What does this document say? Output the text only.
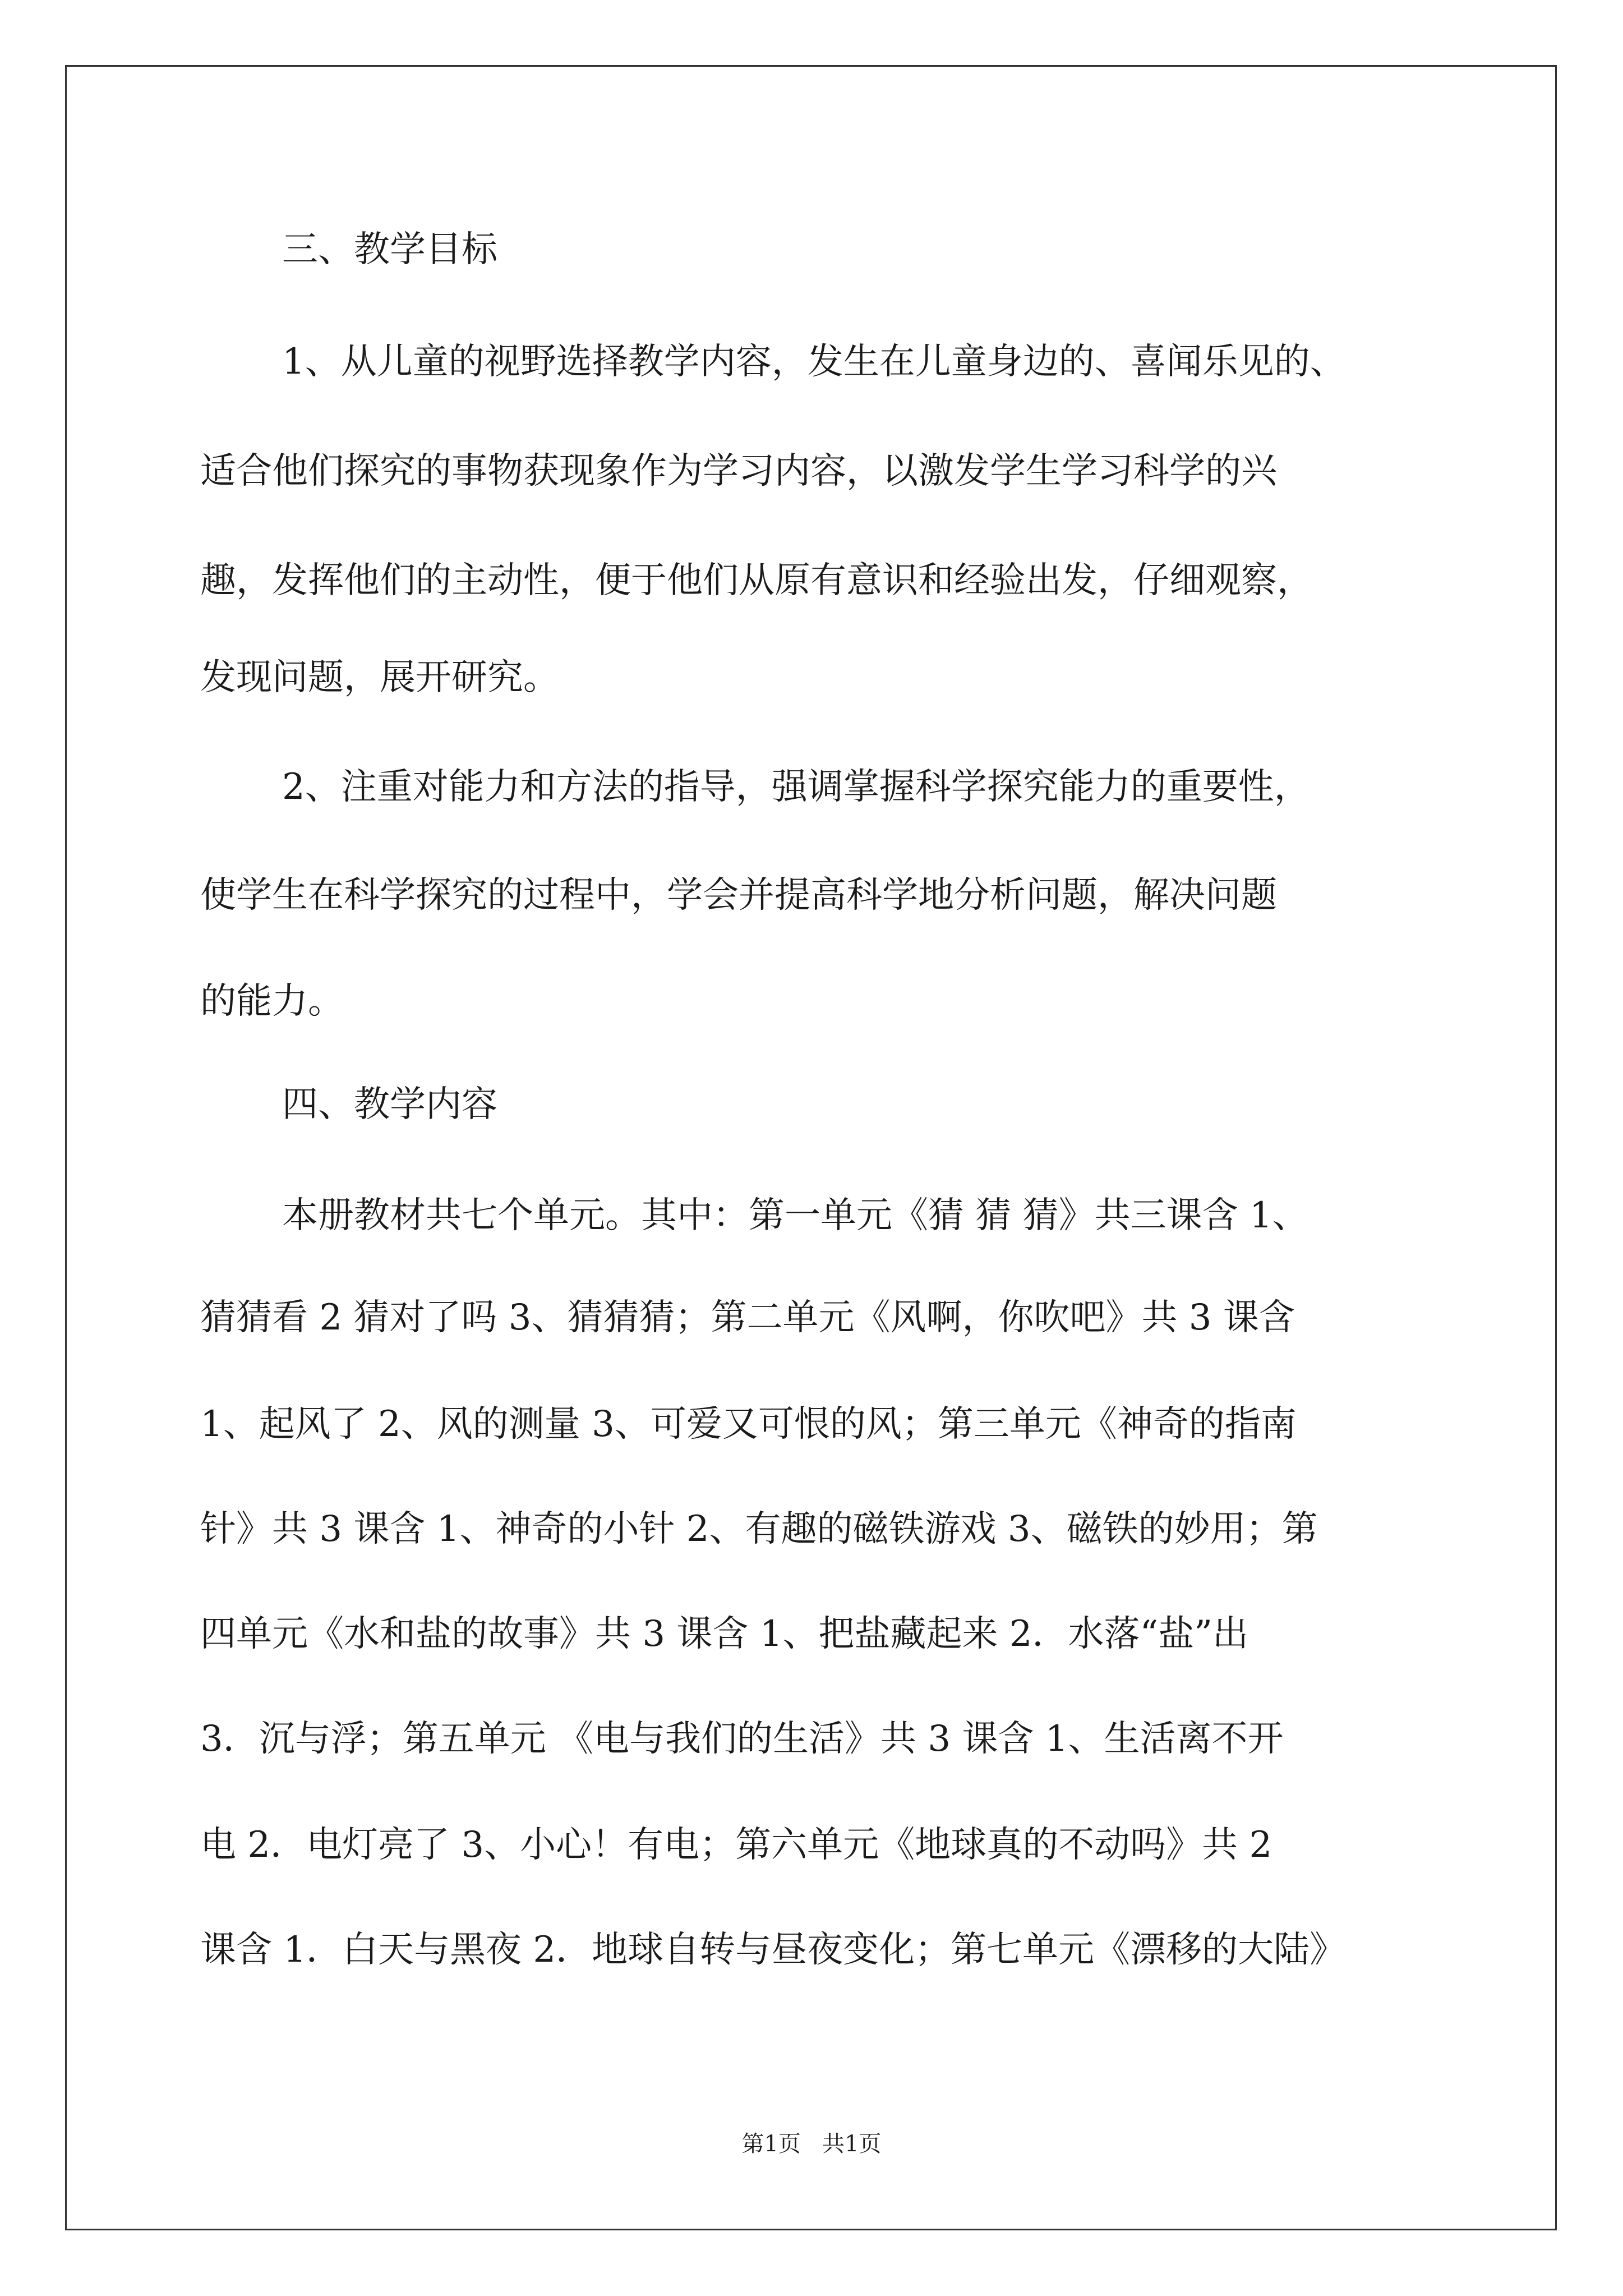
三、教学目标
1、从儿童的视野选择教学内容，发生在儿童身边的、喜闻乐见的、
适合他们探究的事物获现象作为学习内容，以激发学生学习科学的兴
趣，发挥他们的主动性，便于他们从原有意识和经验出发，仔细观察，
发现问题，展开研究。
2、注重对能力和方法的指导，强调掌握科学探究能力的重要性，
使学生在科学探究的过程中，学会并提高科学地分析问题，解决问题
的能力。
四、教学内容
本册教材共七个单元。其中：第一单元《猜 猜 猜》共三课含 1、
猜猜看 2 猜对了吗 3、猜猜猜；第二单元《风啊，你吹吧》共 3 课含
1、起风了 2、风的测量 3、可爱又可恨的风；第三单元《神奇的指南
针》共 3 课含 1、神奇的小针 2、有趣的磁铁游戏 3、磁铁的妙用；第
四单元《水和盐的故事》共 3 课含 1、把盐藏起来 2．水落“盐”出
3．沉与浮；第五单元 《电与我们的生活》共 3 课含 1、生活离不开
电 2．电灯亮了 3、小心！有电；第六单元《地球真的不动吗》共 2
课含 1．白天与黑夜 2．地球自转与昼夜变化；第七单元《漂移的大陆》
第1页   共1页
